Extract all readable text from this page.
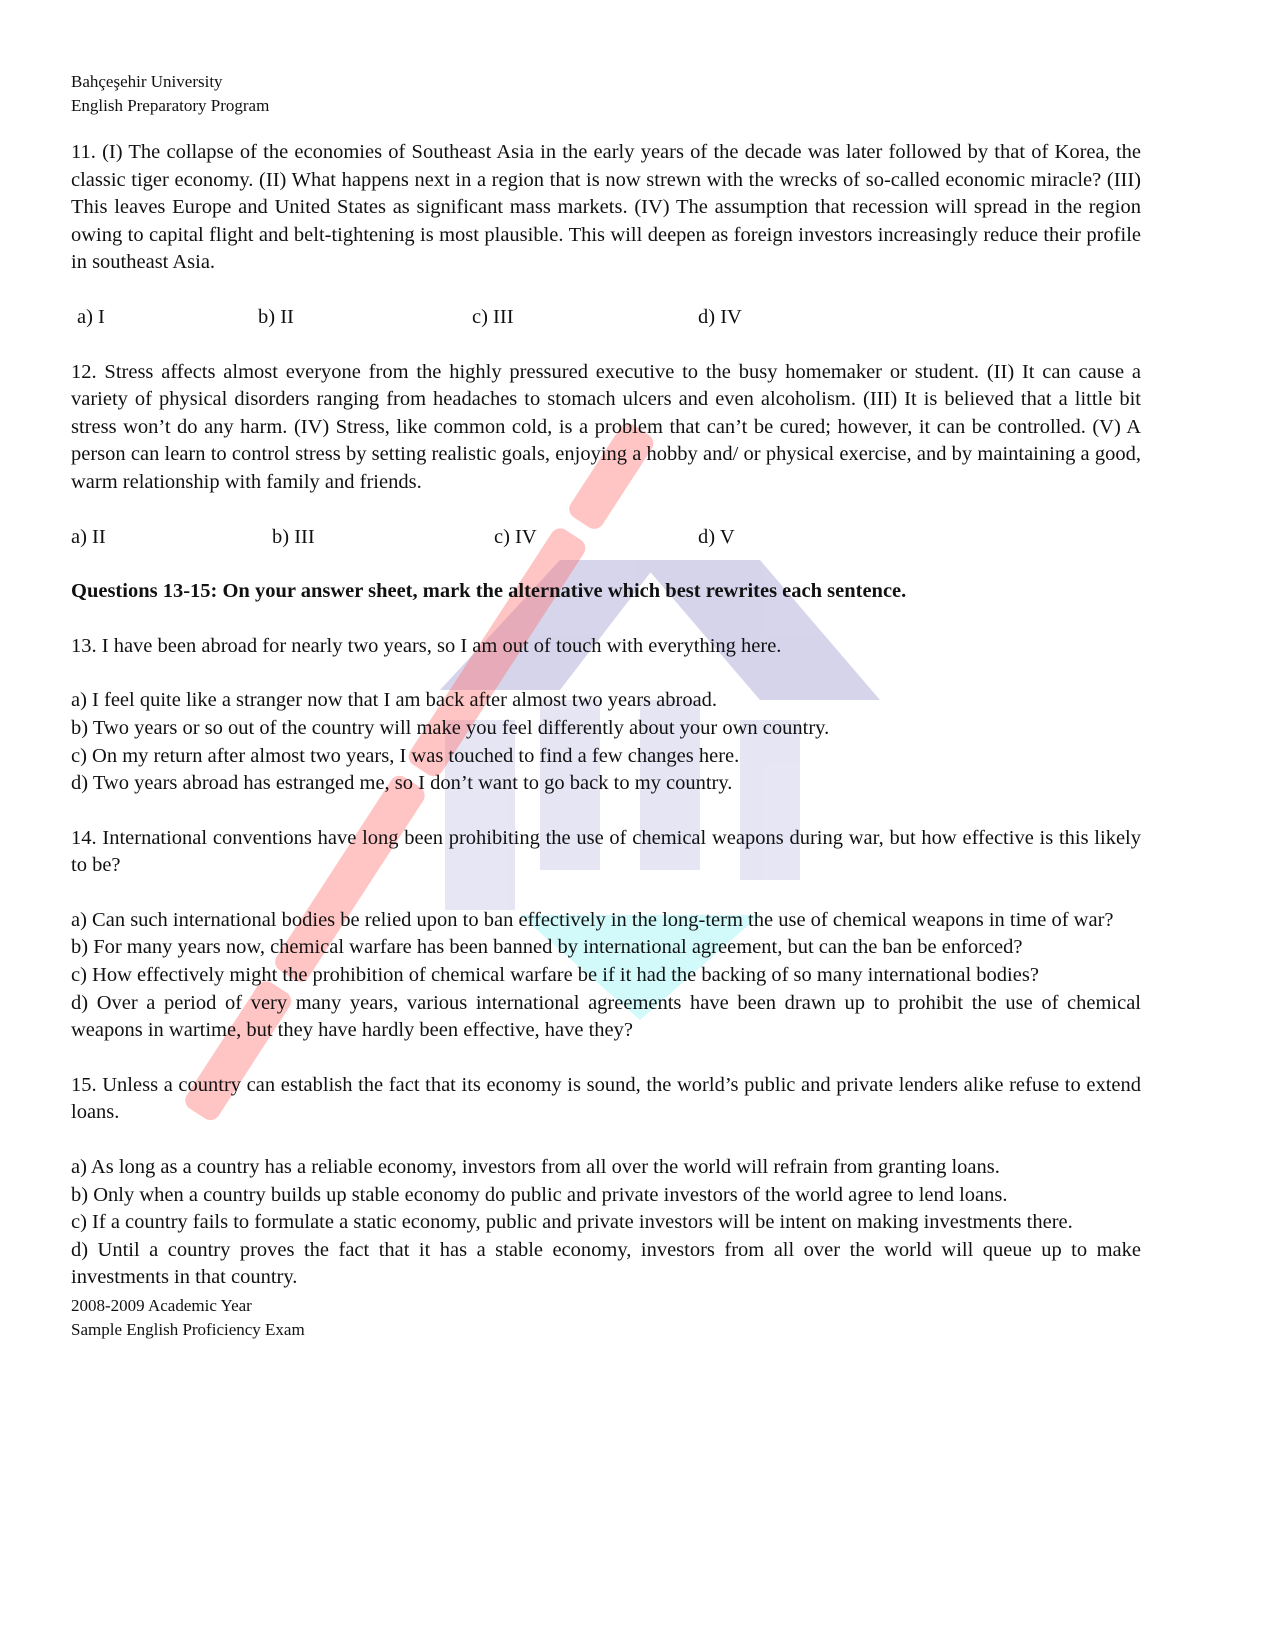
Bahçeşehir University

English Preparatory Program

11. (I) The collapse of the economies of Southeast Asia in the early years of the decade was later followed by that of Korea, the classic tiger economy. (II) What happens next in a region that is now strewn with the wrecks of so-called economic miracle? (III) This leaves Europe and United States as significant mass markets. (IV) The assumption that recession will spread in the region owing to capital flight and belt-tightening is most plausible. This will deepen as foreign investors increasingly reduce their profile in southeast Asia.

a) I	b) II	c) III	d) IV

12. Stress affects almost everyone from the highly pressured executive to the busy homemaker or student. (II) It can cause a variety of physical disorders ranging from headaches to stomach ulcers and even alcoholism. (III) It is believed that a little bit stress won’t do any harm. (IV) Stress, like common cold, is a problem that can’t be cured; however, it can be controlled. (V) A person can learn to control stress by setting realistic goals, enjoying a hobby and/ or physical exercise, and by maintaining a good, warm relationship with family and friends.

a) II	b) III	c) IV	d) V

Questions 13-15: On your answer sheet, mark the alternative which best rewrites each sentence.

13. I have been abroad for nearly two years, so I am out of touch with everything here.

a) I feel quite like a stranger now that I am back after almost two years abroad.

b) Two years or so out of the country will make you feel differently about your own country.

c) On my return after almost two years, I was touched to find a few changes here.

d) Two years abroad has estranged me, so I don’t want to go back to my country.

14. International conventions have long been prohibiting the use of chemical weapons during war, but how effective is this likely to be?

a) Can such international bodies be relied upon to ban effectively in the long-term the use of chemical weapons in time of war?

b) For many years now, chemical warfare has been banned by international agreement, but can the ban be enforced?

c) How effectively might the prohibition of chemical warfare be if it had the backing of so many international bodies?

d) Over a period of very many years, various international agreements have been drawn up to prohibit the use of chemical weapons in wartime, but they have hardly been effective, have they?

15. Unless a country can establish the fact that its economy is sound, the world’s public and private lenders alike refuse to extend loans.

a) As long as a country has a reliable economy, investors from all over the world will refrain from granting loans.

b) Only when a country builds up stable economy do public and private investors of the world agree to lend loans.

c) If a country fails to formulate a static economy, public and private investors will be intent on making investments there.

d) Until a country proves the fact that it has a stable economy, investors from all over the world will queue up to make investments in that country.

2008-2009 Academic Year

Sample English Proficiency Exam
